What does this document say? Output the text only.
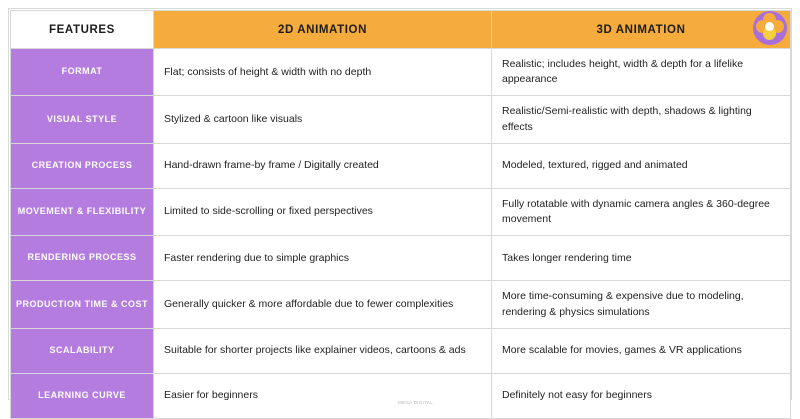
FEATURES	2D ANIMATION	3D ANIMATION
FORMAT	Flat; consists of height & width with no depth	Realistic; includes height, width & depth for a lifelike appearance
VISUAL STYLE	Stylized & cartoon like visuals	Realistic/Semi-realistic with depth, shadows & lighting effects
CREATION PROCESS	Hand-drawn frame-by frame / Digitally created	Modeled, textured, rigged and animated
MOVEMENT & FLEXIBILITY	Limited to side-scrolling or fixed perspectives	Fully rotatable with dynamic camera angles & 360-degree movement
RENDERING PROCESS	Faster rendering due to simple graphics	Takes longer rendering time
PRODUCTION TIME & COST	Generally quicker & more affordable due to fewer complexities	More time-consuming & expensive due to modeling, rendering & physics simulations
SCALABILITY	Suitable for shorter projects like explainer videos, cartoons & ads	More scalable for movies, games & VR applications
LEARNING CURVE	Easier for beginners	Definitely not easy for beginners
MEGA DIGITAL
